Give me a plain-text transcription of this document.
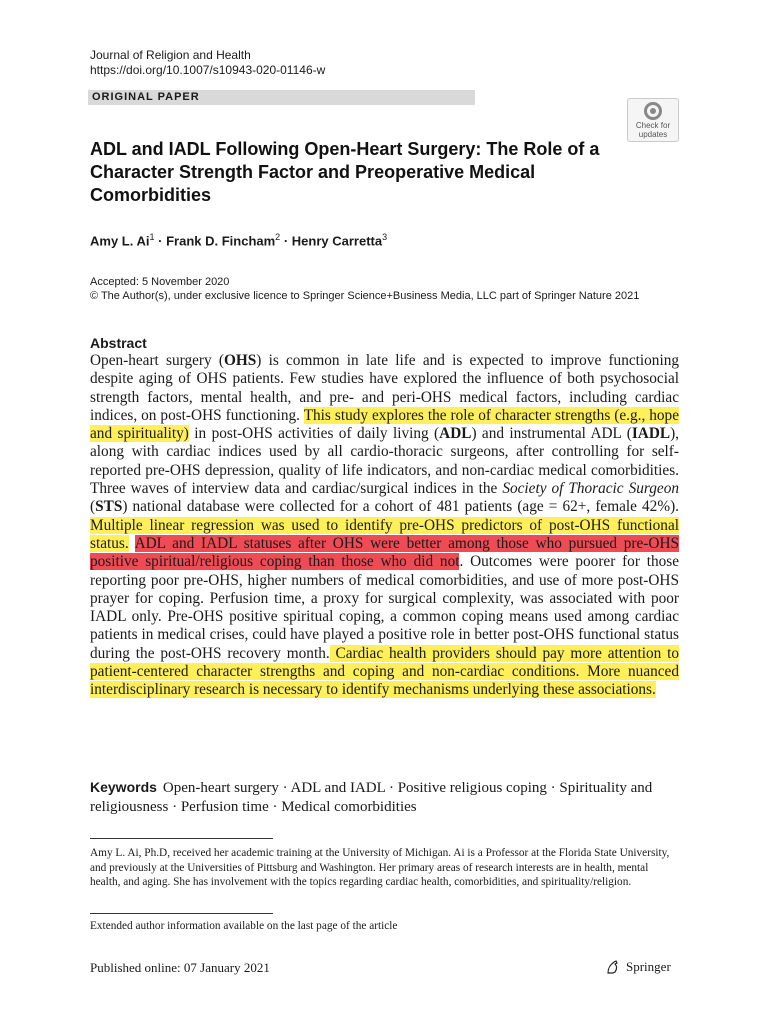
Journal of Religion and Health
https://doi.org/10.1007/s10943-020-01146-w
ORIGINAL PAPER
Check for updates
ADL and IADL Following Open-Heart Surgery: The Role of a Character Strength Factor and Preoperative Medical Comorbidities
Amy L. $Ai^1$ · Frank D. Fincham$^2$ · Henry Carretta$^3$
Accepted: 5 November 2020
© The Author(s), under exclusive licence to Springer Science+Business Media, LLC part of Springer Nature 2021
Abstract
Open-heart surgery (OHS) is common in late life and is expected to improve functioning despite aging of OHS patients. Few studies have explored the influence of both psychosocial strength factors, mental health, and pre- and peri-OHS medical factors, including cardiac indices, on post-OHS functioning. This study explores the role of character strengths (e.g., hope and spirituality) in post-OHS activities of daily living (ADL) and instrumental ADL (IADL), along with cardiac indices used by all cardio-thoracic surgeons, after controlling for self-reported pre-OHS depression, quality of life indicators, and non-cardiac medical comorbidities. Three waves of interview data and cardiac/surgical indices in the Society of Thoracic Surgeon (STS) national database were collected for a cohort of 481 patients (age = 62+, female 42%). Multiple linear regression was used to identify pre-OHS predictors of post-OHS functional status. ADL and IADL statuses after OHS were better among those who pursued pre-OHS positive spiritual/religious coping than those who did not. Outcomes were poorer for those reporting poor pre-OHS, higher numbers of medical comorbidities, and use of more post-OHS prayer for coping. Perfusion time, a proxy for surgical complexity, was associated with poor IADL only. Pre-OHS positive spiritual coping, a common coping means used among cardiac patients in medical crises, could have played a positive role in better post-OHS functional status during the post-OHS recovery month. Cardiac health providers should pay more attention to patient-centered character strengths and coping and non-cardiac conditions. More nuanced interdisciplinary research is necessary to identify mechanisms underlying these associations.
Keywords Open-heart surgery · ADL and IADL · Positive religious coping · Spirituality and religiousness · Perfusion time · Medical comorbidities
Amy L. Ai, Ph.D, received her academic training at the University of Michigan. Ai is a Professor at the Florida State University, and previously at the Universities of Pittsburg and Washington. Her primary areas of research interests are in health, mental health, and aging. She has involvement with the topics regarding cardiac health, comorbidities, and spirituality/religion.
Extended author information available on the last page of the article
Published online: 07 January 2021	Springer
